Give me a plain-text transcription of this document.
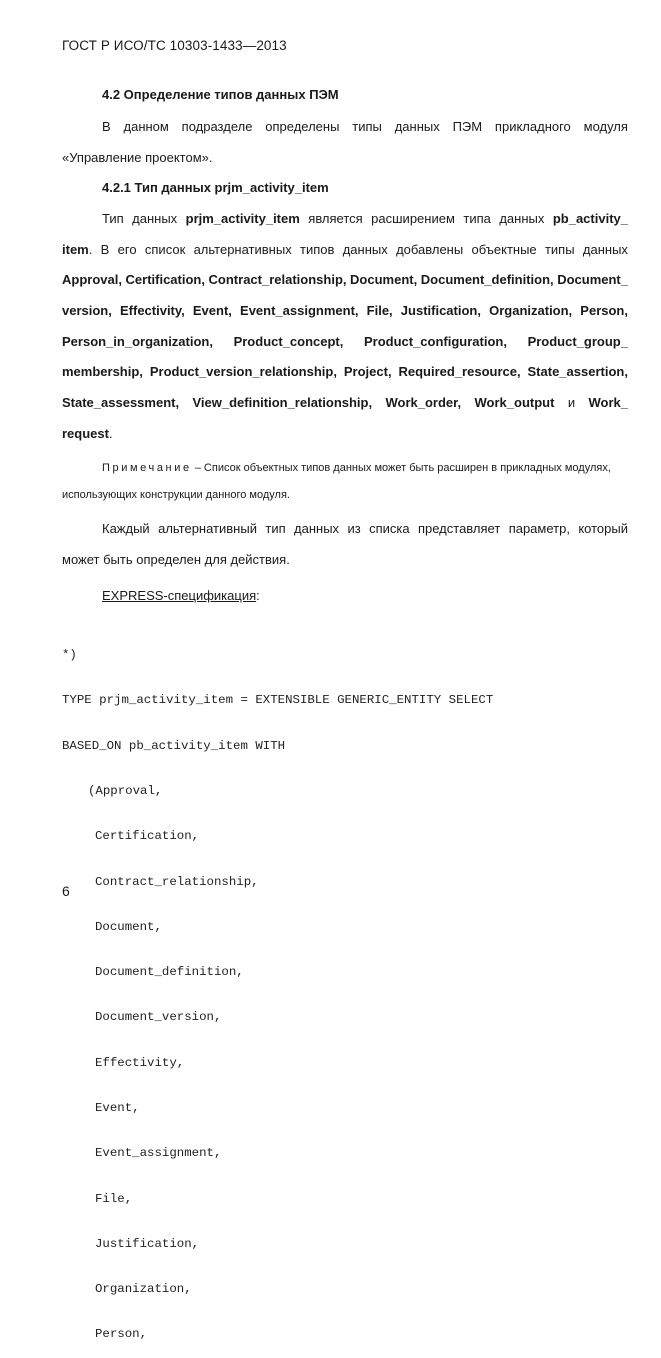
ГОСТ Р ИСО/ТС 10303-1433—2013
4.2 Определение типов данных ПЭМ
В данном подразделе определены типы данных ПЭМ прикладного модуля
«Управление проектом».
4.2.1 Тип данных prjm_activity_item
Тип данных prjm_activity_item является расширением типа данных pb_activity_
item. В его список альтернативных типов данных добавлены объектные типы данных
Approval, Certification, Contract_relationship, Document, Document_definition, Document_
version, Effectivity, Event, Event_assignment, File, Justification, Organization, Person,
Person_in_organization, Product_concept, Product_configuration, Product_group_
membership, Product_version_relationship, Project, Required_resource, State_assertion,
State_assessment, View_definition_relationship, Work_order, Work_output и Work_
request.
Примечание – Список объектных типов данных может быть расширен в прикладных модулях,
использующих конструкции данного модуля.
Каждый альтернативный тип данных из списка представляет параметр, который
может быть определен для действия.
EXPRESS-спецификация:

*)

TYPE prjm_activity_item = EXTENSIBLE GENERIC_ENTITY SELECT

BASED_ON pb_activity_item WITH

(Approval,

Certification,

Contract_relationship,

Document,

Document_definition,

Document_version,

Effectivity,

Event,

Event_assignment,

File,

Justification,

Organization,

Person,

6
